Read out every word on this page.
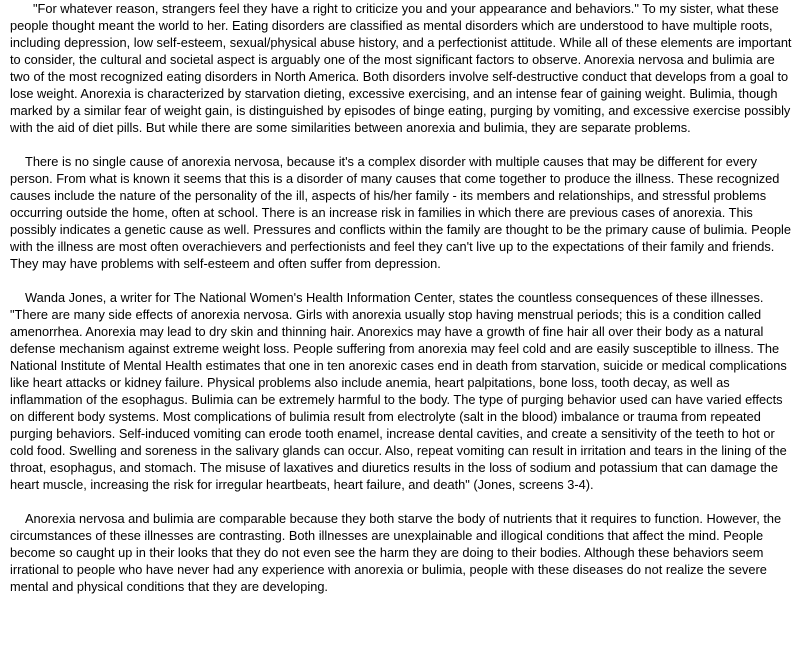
"For whatever reason, strangers feel they have a right to criticize you and your appearance and behaviors." To my sister, what these people thought meant the world to her. Eating disorders are classified as mental disorders which are understood to have multiple roots, including depression, low self-esteem, sexual/physical abuse history, and a perfectionist attitude. While all of these elements are important to consider, the cultural and societal aspect is arguably one of the most significant factors to observe. Anorexia nervosa and bulimia are two of the most recognized eating disorders in North America. Both disorders involve self-destructive conduct that develops from a goal to lose weight. Anorexia is characterized by starvation dieting, excessive exercising, and an intense fear of gaining weight. Bulimia, though marked by a similar fear of weight gain, is distinguished by episodes of binge eating, purging by vomiting, and excessive exercise possibly with the aid of diet pills. But while there are some similarities between anorexia and bulimia, they are separate problems.

There is no single cause of anorexia nervosa, because it's a complex disorder with multiple causes that may be different for every person. From what is known it seems that this is a disorder of many causes that come together to produce the illness. These recognized causes include the nature of the personality of the ill, aspects of his/her family - its members and relationships, and stressful problems occurring outside the home, often at school. There is an increase risk in families in which there are previous cases of anorexia. This possibly indicates a genetic cause as well. Pressures and conflicts within the family are thought to be the primary cause of bulimia. People with the illness are most often overachievers and perfectionists and feel they can't live up to the expectations of their family and friends. They may have problems with self-esteem and often suffer from depression.

Wanda Jones, a writer for The National Women's Health Information Center, states the countless consequences of these illnesses. "There are many side effects of anorexia nervosa. Girls with anorexia usually stop having menstrual periods; this is a condition called amenorrhea. Anorexia may lead to dry skin and thinning hair. Anorexics may have a growth of fine hair all over their body as a natural defense mechanism against extreme weight loss. People suffering from anorexia may feel cold and are easily susceptible to illness. The National Institute of Mental Health estimates that one in ten anorexic cases end in death from starvation, suicide or medical complications like heart attacks or kidney failure. Physical problems also include anemia, heart palpitations, bone loss, tooth decay, as well as inflammation of the esophagus. Bulimia can be extremely harmful to the body. The type of purging behavior used can have varied effects on different body systems. Most complications of bulimia result from electrolyte (salt in the blood) imbalance or trauma from repeated purging behaviors. Self-induced vomiting can erode tooth enamel, increase dental cavities, and create a sensitivity of the teeth to hot or cold food. Swelling and soreness in the salivary glands can occur. Also, repeat vomiting can result in irritation and tears in the lining of the throat, esophagus, and stomach. The misuse of laxatives and diuretics results in the loss of sodium and potassium that can damage the heart muscle, increasing the risk for irregular heartbeats, heart failure, and death" (Jones, screens 3-4).

Anorexia nervosa and bulimia are comparable because they both starve the body of nutrients that it requires to function. However, the circumstances of these illnesses are contrasting. Both illnesses are unexplainable and illogical conditions that affect the mind. People become so caught up in their looks that they do not even see the harm they are doing to their bodies. Although these behaviors seem irrational to people who have never had any experience with anorexia or bulimia, people with these diseases do not realize the severe mental and physical conditions that they are developing.
